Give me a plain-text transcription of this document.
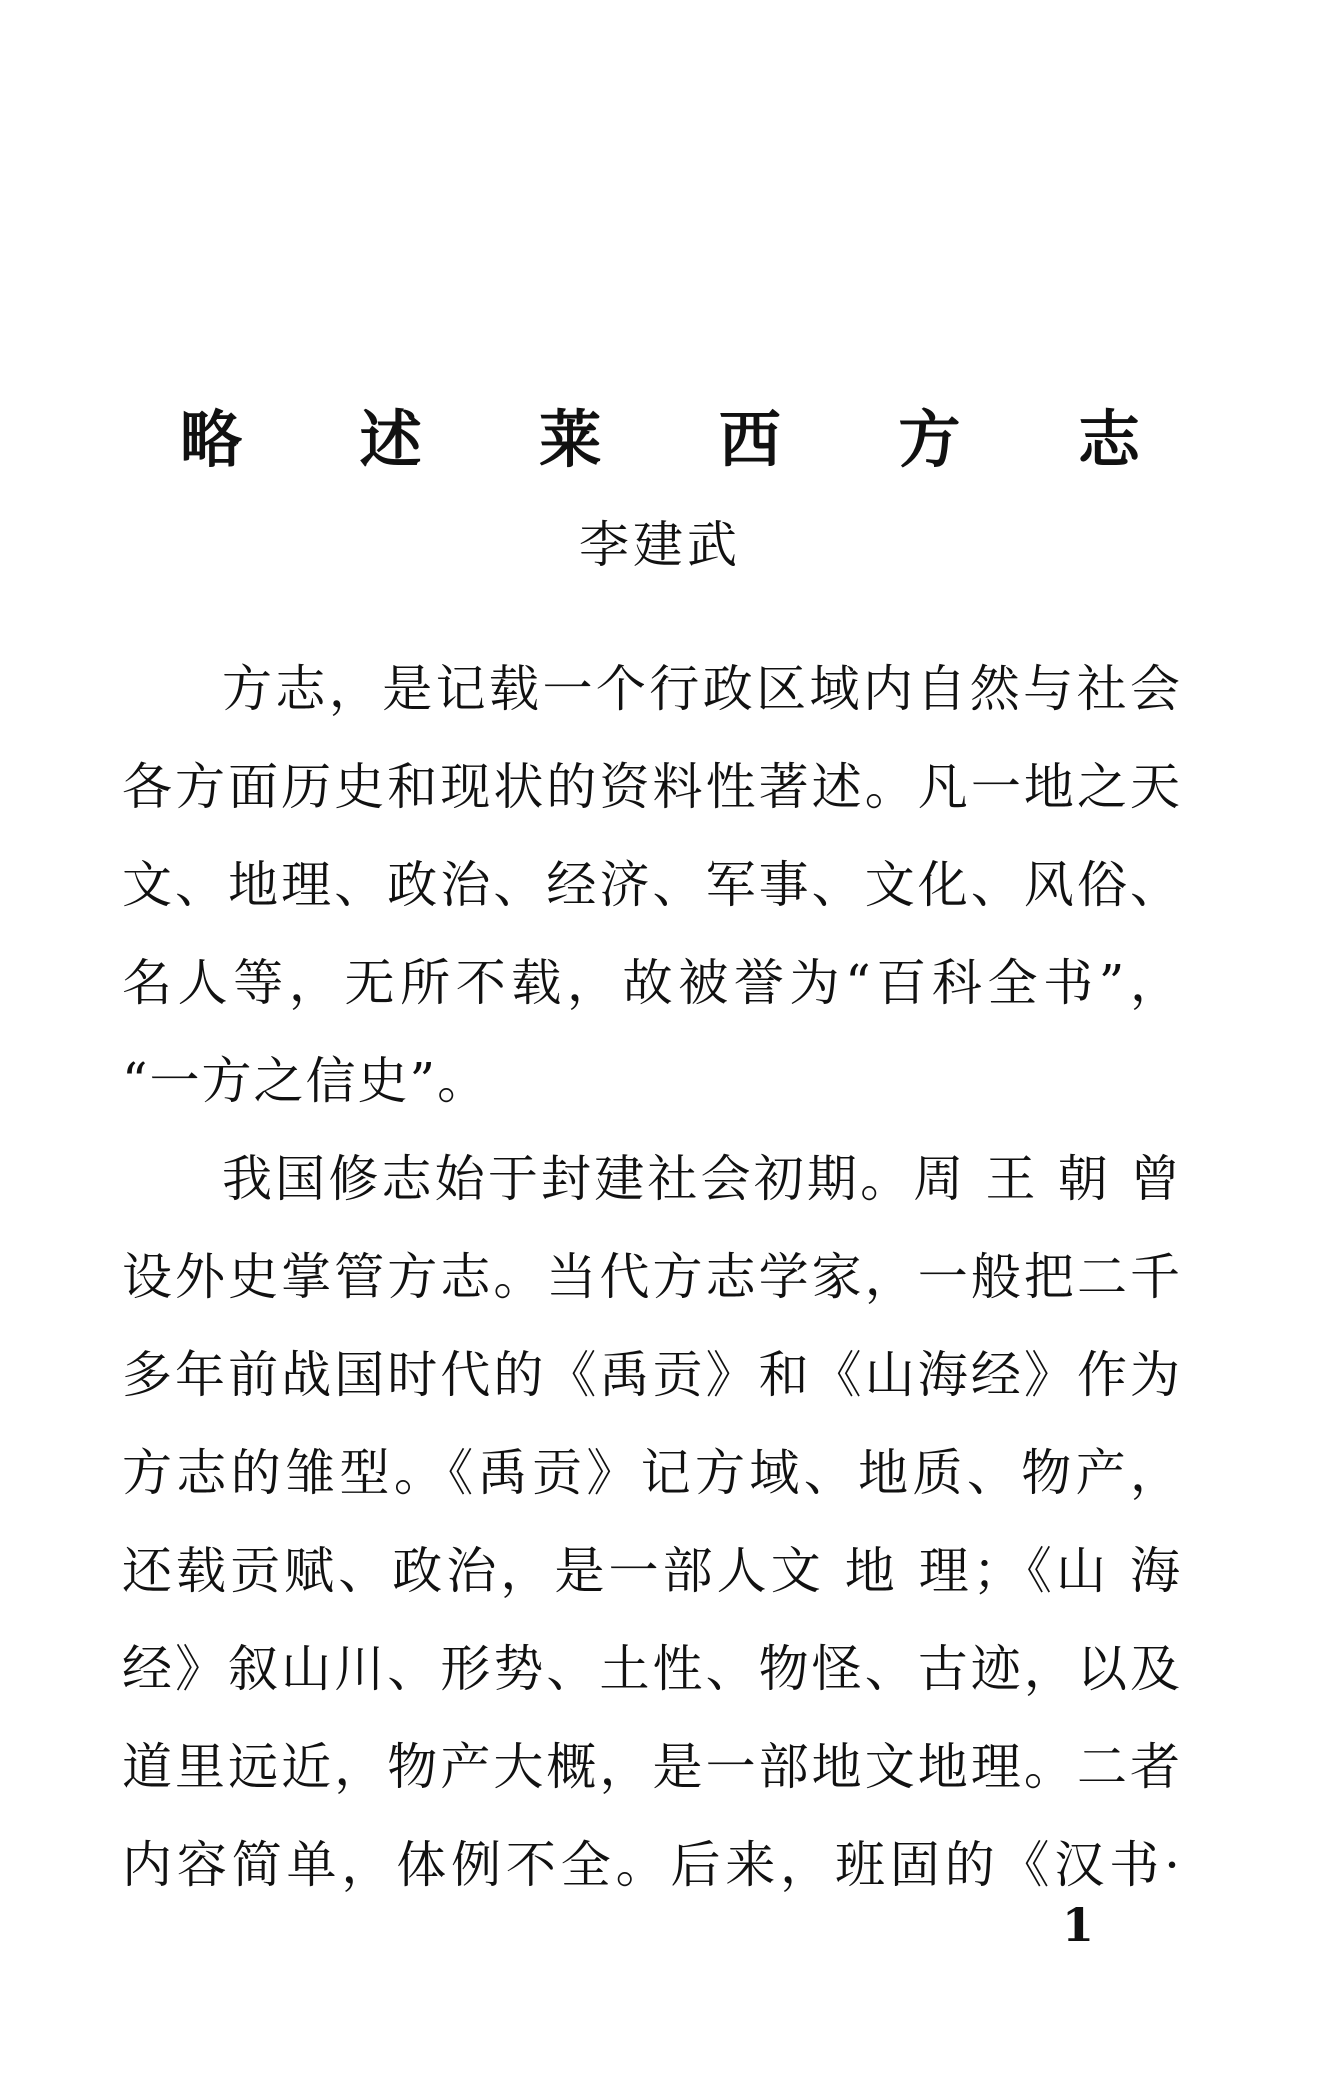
略 述 莱 西 方 志
李建武
方志，是记载一个行政区域内自然与社会
各方面历史和现状的资料性著述。凡一地之天
文、地理、政治、经济、军事、文化、风俗、
名人等，无所不载，故被誉为“百科全书”，
“一方之信史”。
我国修志始于封建社会初期。周 王 朝 曾
设外史掌管方志。当代方志学家，一般把二千
多年前战国时代的《禹贡》和《山海经》作为
方志的雏型。《禹贡》记方域、地质、物产，
还载贡赋、政治，是一部人文 地 理；《山 海
经》叙山川、形势、土性、物怪、古迹，以及
道里远近，物产大概，是一部地文地理。二者
内容简单，体例不全。后来，班固的《汉书·
1
